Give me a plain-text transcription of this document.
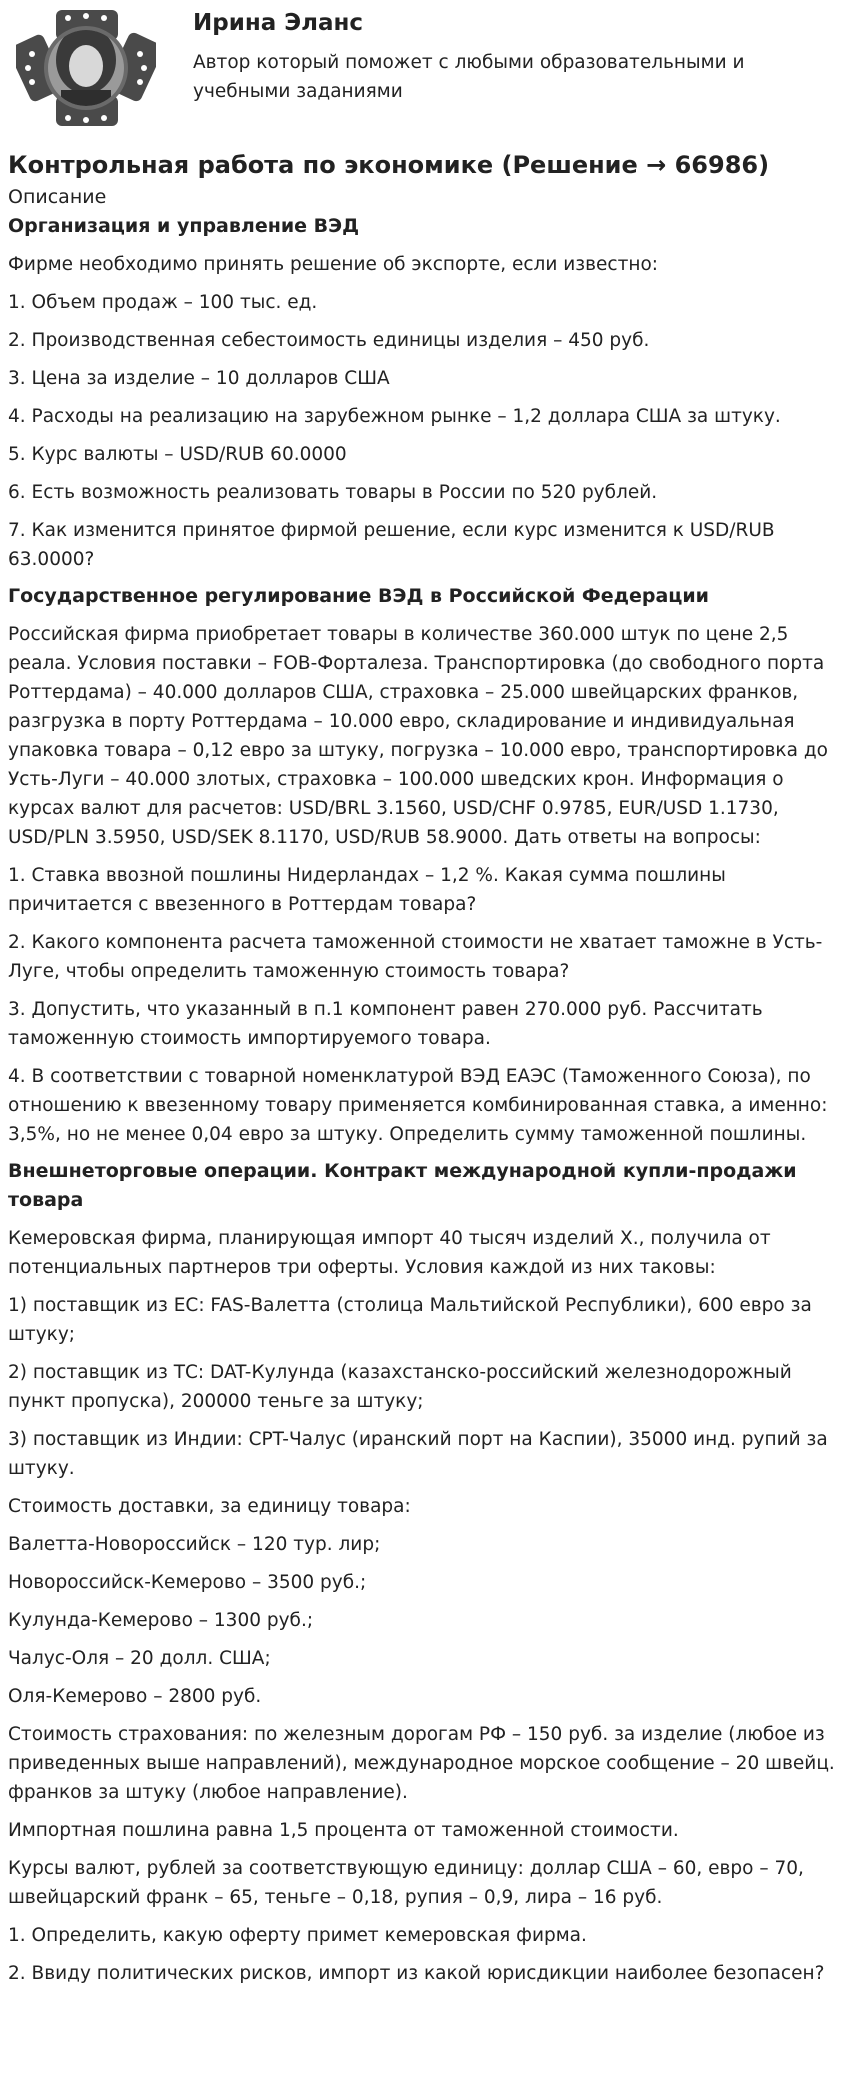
Ирина Эланс
Автор который поможет с любыми образовательными и учебными заданиями
Контрольная работа по экономике (Решение → 66986)
Описание
Организация и управление ВЭД
Фирме необходимо принять решение об экспорте, если известно:
1. Объем продаж – 100 тыс. ед.
2. Производственная себестоимость единицы изделия – 450 руб.
3. Цена за изделие – 10 долларов США
4. Расходы на реализацию на зарубежном рынке – 1,2 доллара США за штуку.
5. Курс валюты – USD/RUB 60.0000
6. Есть возможность реализовать товары в России по 520 рублей.
7. Как изменится принятое фирмой решение, если курс изменится к USD/RUB 63.0000?
Государственное регулирование ВЭД в Российской Федерации
Российская фирма приобретает товары в количестве 360.000 штук по цене 2,5 реала. Условия поставки – FOB-Форталеза. Транспортировка (до свободного порта Роттердама) – 40.000 долларов США, страховка – 25.000 швейцарских франков, разгрузка в порту Роттердама – 10.000 евро, складирование и индивидуальная упаковка товара – 0,12 евро за штуку, погрузка – 10.000 евро, транспортировка до Усть-Луги – 40.000 злотых, страховка – 100.000 шведских крон. Информация о курсах валют для расчетов: USD/BRL 3.1560, USD/CHF 0.9785, EUR/USD 1.1730, USD/PLN 3.5950, USD/SEK 8.1170, USD/RUB 58.9000. Дать ответы на вопросы:
1. Ставка ввозной пошлины Нидерландах – 1,2 %. Какая сумма пошлины причитается с ввезенного в Роттердам товара?
2. Какого компонента расчета таможенной стоимости не хватает таможне в Усть-Луге, чтобы определить таможенную стоимость товара?
3. Допустить, что указанный в п.1 компонент равен 270.000 руб. Рассчитать таможенную стоимость импортируемого товара.
4. В соответствии с товарной номенклатурой ВЭД ЕАЭС (Таможенного Союза), по отношению к ввезенному товару применяется комбинированная ставка, а именно: 3,5%, но не менее 0,04 евро за штуку. Определить сумму таможенной пошлины.
Внешнеторговые операции. Контракт международной купли-продажи товара
Кемеровская фирма, планирующая импорт 40 тысяч изделий Х., получила от потенциальных партнеров три оферты. Условия каждой из них таковы:
1) поставщик из ЕС: FAS-Валетта (столица Мальтийской Республики), 600 евро за штуку;
2) поставщик из ТС: DAT-Кулунда (казахстанско-российский железнодорожный пункт пропуска), 200000 теньге за штуку;
3) поставщик из Индии: CPT-Чалус (иранский порт на Каспии), 35000 инд. рупий за штуку.
Стоимость доставки, за единицу товара:
Валетта-Новороссийск – 120 тур. лир;
Новороссийск-Кемерово – 3500 руб.;
Кулунда-Кемерово – 1300 руб.;
Чалус-Оля – 20 долл. США;
Оля-Кемерово – 2800 руб.
Стоимость страхования: по железным дорогам РФ – 150 руб. за изделие (любое из приведенных выше направлений), международное морское сообщение – 20 швейц. франков за штуку (любое направление).
Импортная пошлина равна 1,5 процента от таможенной стоимости.
Курсы валют, рублей за соответствующую единицу: доллар США – 60, евро – 70, швейцарский франк – 65, теньге – 0,18, рупия – 0,9, лира – 16 руб.
1. Определить, какую оферту примет кемеровская фирма.
2. Ввиду политических рисков, импорт из какой юрисдикции наиболее безопасен?
